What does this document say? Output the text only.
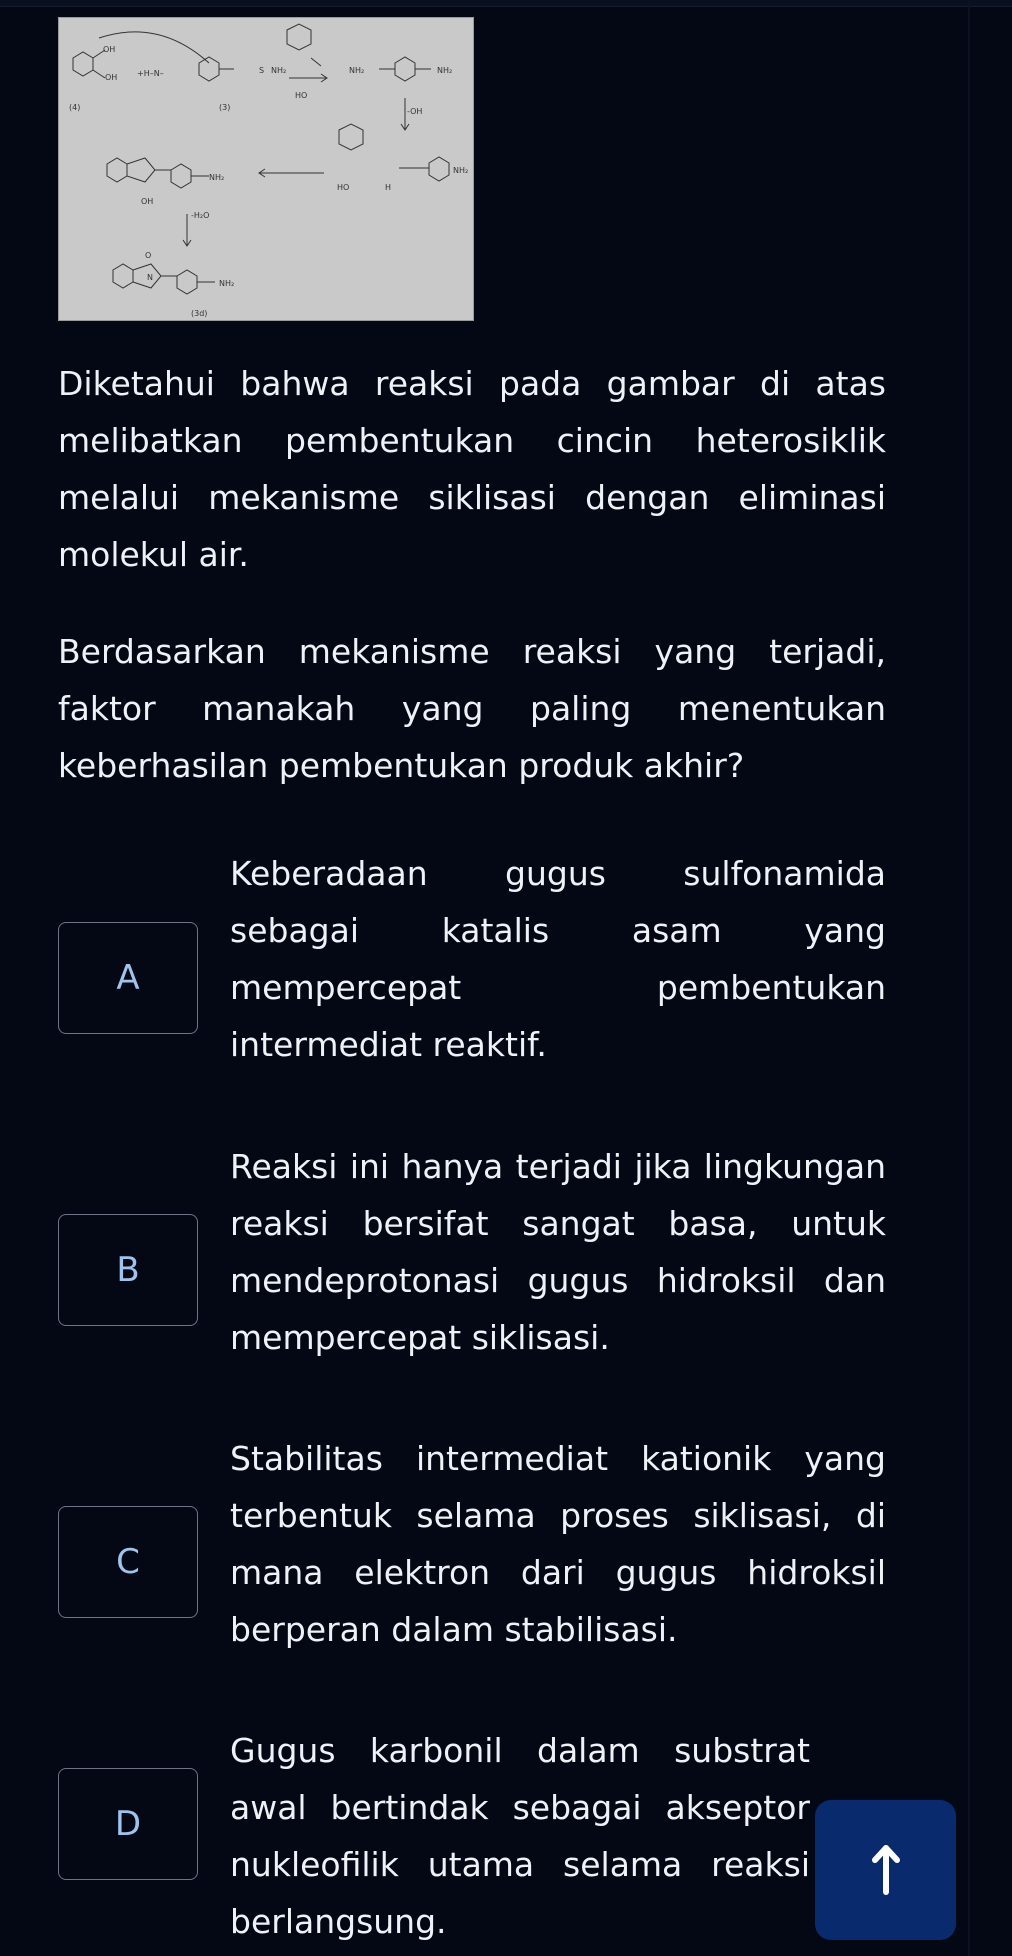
(4)	(3)
(3d)
-OH
-H₂O
+H–N–
OH
OH
S NH₂
HO
NH₂	NH₂
NH₂
OH
HO	H
NH₂
N
NH₂
O
Diketahui bahwa reaksi pada gambar di atas melibatkan pembentukan cincin heterosiklik melalui mekanisme siklisasi dengan eliminasi molekul air.
Berdasarkan mekanisme reaksi yang terjadi, faktor manakah yang paling menentukan keberhasilan pembentukan produk akhir?
A
Keberadaan gugus sulfonamida sebagai katalis asam yang mempercepat pembentukan intermediat reaktif.
B
Reaksi ini hanya terjadi jika lingkungan reaksi bersifat sangat basa, untuk mendeprotonasi gugus hidroksil dan mempercepat siklisasi.
C
Stabilitas intermediat kationik yang terbentuk selama proses siklisasi, di mana elektron dari gugus hidroksil berperan dalam stabilisasi.
D
Gugus karbonil dalam substrat awal bertindak sebagai akseptor nukleofilik utama selama reaksi berlangsung.
